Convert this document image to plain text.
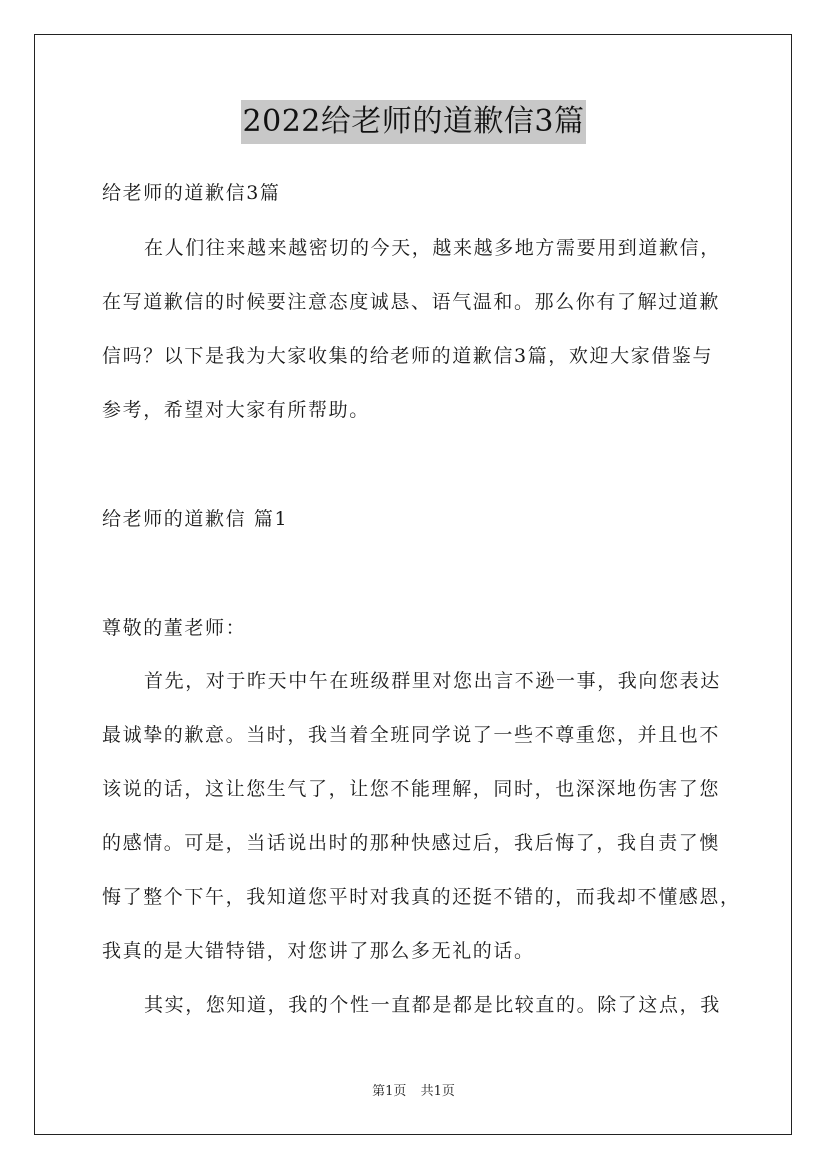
2022给老师的道歉信3篇
给老师的道歉信3篇
在人们往来越来越密切的今天，越来越多地方需要用到道歉信，
在写道歉信的时候要注意态度诚恳、语气温和。那么你有了解过道歉
信吗？以下是我为大家收集的给老师的道歉信3篇，欢迎大家借鉴与
参考，希望对大家有所帮助。
给老师的道歉信 篇1
尊敬的董老师：
首先，对于昨天中午在班级群里对您出言不逊一事，我向您表达
最诚挚的歉意。当时，我当着全班同学说了一些不尊重您，并且也不
该说的话，这让您生气了，让您不能理解，同时，也深深地伤害了您
的感情。可是，当话说出时的那种快感过后，我后悔了，我自责了懊
悔了整个下午，我知道您平时对我真的还挺不错的，而我却不懂感恩，
我真的是大错特错，对您讲了那么多无礼的话。
其实，您知道，我的个性一直都是都是比较直的。除了这点，我
第1页 共1页
